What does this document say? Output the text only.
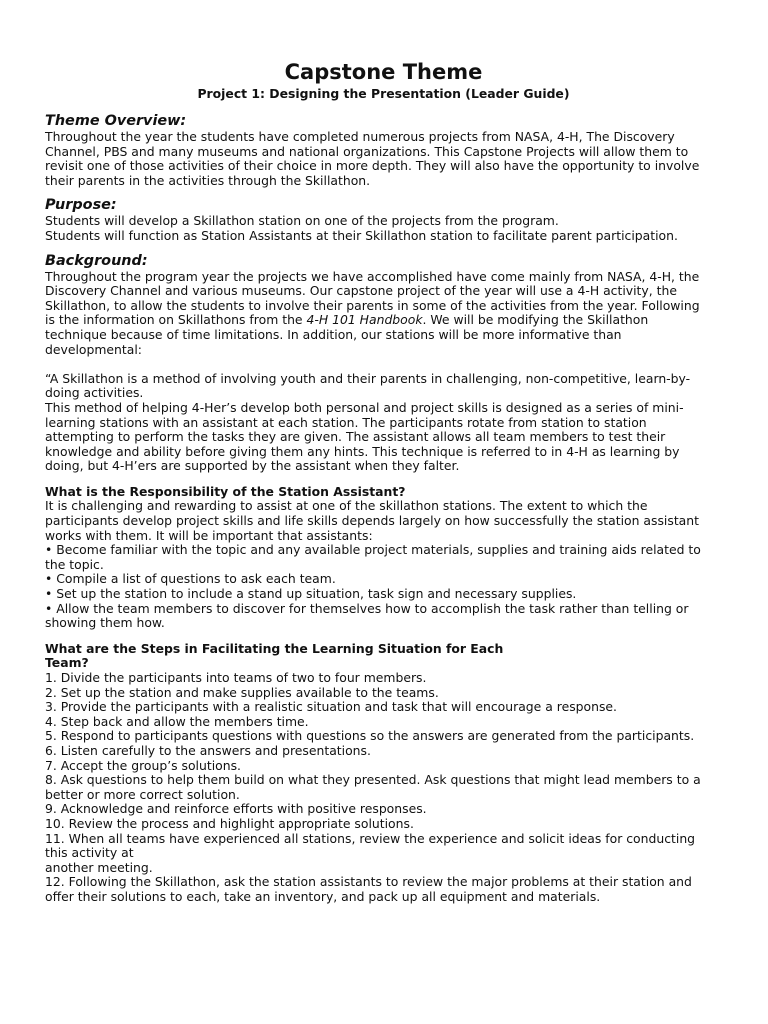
Capstone Theme

Project 1: Designing the Presentation (Leader Guide)

Theme Overview:

Throughout the year the students have completed numerous projects from NASA, 4-H, The Discovery

Channel, PBS and many museums and national organizations. This Capstone Projects will allow them to

revisit one of those activities of their choice in more depth. They will also have the opportunity to involve

their parents in the activities through the Skillathon.

Purpose:

Students will develop a Skillathon station on one of the projects from the program.

Students will function as Station Assistants at their Skillathon station to facilitate parent participation.

Background:

Throughout the program year the projects we have accomplished have come mainly from NASA, 4-H, the

Discovery Channel and various museums. Our capstone project of the year will use a 4-H activity, the

Skillathon, to allow the students to involve their parents in some of the activities from the year. Following

is the information on Skillathons from the 4-H 101 Handbook. We will be modifying the Skillathon

technique because of time limitations. In addition, our stations will be more informative than

developmental:

“A Skillathon is a method of involving youth and their parents in challenging, non-competitive, learn-by-

doing activities.

This method of helping 4-Her’s develop both personal and project skills is designed as a series of mini-

learning stations with an assistant at each station. The participants rotate from station to station

attempting to perform the tasks they are given. The assistant allows all team members to test their

knowledge and ability before giving them any hints. This technique is referred to in 4-H as learning by

doing, but 4-H’ers are supported by the assistant when they falter.

What is the Responsibility of the Station Assistant?

It is challenging and rewarding to assist at one of the skillathon stations. The extent to which the

participants develop project skills and life skills depends largely on how successfully the station assistant

works with them. It will be important that assistants:

• Become familiar with the topic and any available project materials, supplies and training aids related to

the topic.

• Compile a list of questions to ask each team.

• Set up the station to include a stand up situation, task sign and necessary supplies.

• Allow the team members to discover for themselves how to accomplish the task rather than telling or

showing them how.

What are the Steps in Facilitating the Learning Situation for Each

Team?

1. Divide the participants into teams of two to four members.

2. Set up the station and make supplies available to the teams.

3. Provide the participants with a realistic situation and task that will encourage a response.

4. Step back and allow the members time.

5. Respond to participants questions with questions so the answers are generated from the participants.

6. Listen carefully to the answers and presentations.

7. Accept the group’s solutions.

8. Ask questions to help them build on what they presented. Ask questions that might lead members to a

better or more correct solution.

9. Acknowledge and reinforce efforts with positive responses.

10. Review the process and highlight appropriate solutions.

11. When all teams have experienced all stations, review the experience and solicit ideas for conducting

this activity at

another meeting.

12. Following the Skillathon, ask the station assistants to review the major problems at their station and

offer their solutions to each, take an inventory, and pack up all equipment and materials.
